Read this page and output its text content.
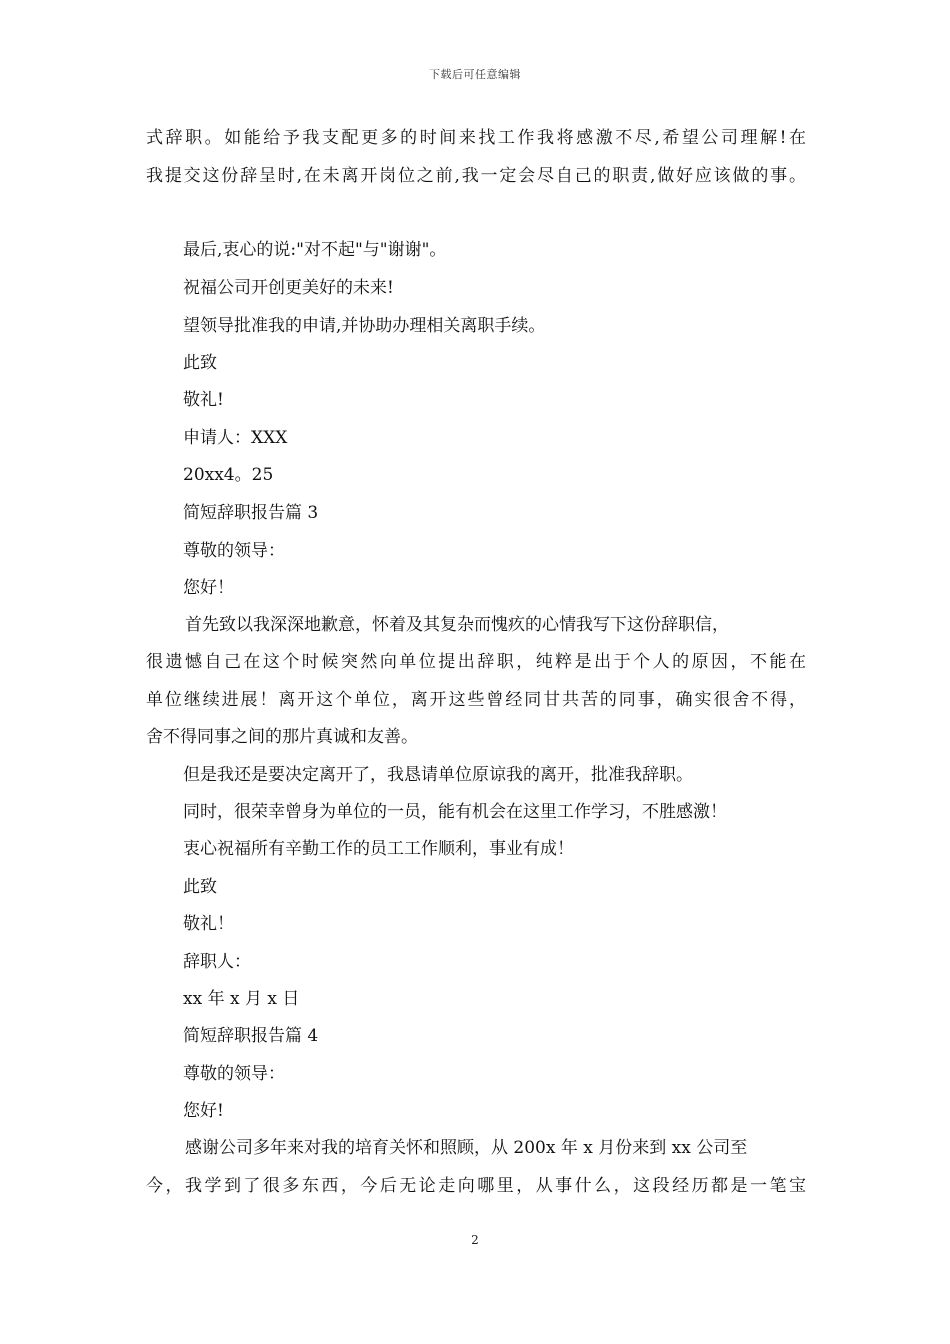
下载后可任意编辑
式辞职。如能给予我支配更多的时间来找工作我将感激不尽,希望公司理解!在
我提交这份辞呈时,在未离开岗位之前,我一定会尽自己的职责,做好应该做的事。
最后,衷心的说:"对不起"与"谢谢"。
祝福公司开创更美好的未来!
望领导批准我的申请,并协助办理相关离职手续。
此致
敬礼!
申请人：XXX
20xx4。25
简短辞职报告篇 3
尊敬的领导：
您好！
首先致以我深深地歉意，怀着及其复杂而愧疚的心情我写下这份辞职信，
很遗憾自己在这个时候突然向单位提出辞职，纯粹是出于个人的原因，不能在
单位继续进展！离开这个单位，离开这些曾经同甘共苦的同事，确实很舍不得，
舍不得同事之间的那片真诚和友善。
但是我还是要决定离开了，我恳请单位原谅我的离开，批准我辞职。
同时，很荣幸曾身为单位的一员，能有机会在这里工作学习，不胜感激！
衷心祝福所有辛勤工作的员工工作顺利，事业有成！
此致
敬礼！
辞职人：
xx 年 x 月 x 日
简短辞职报告篇 4
尊敬的领导：
您好!
感谢公司多年来对我的培育关怀和照顾，从 200x 年 x 月份来到 xx 公司至
今，我学到了很多东西，今后无论走向哪里，从事什么，这段经历都是一笔宝
2
